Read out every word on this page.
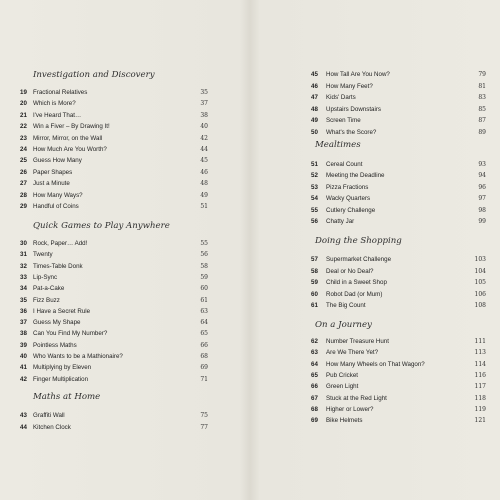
Investigation and Discovery
19 Fractional Relatives	35
20 Which is More?	37
21 I've Heard That…	38
22 Win a Fiver – By Drawing It!	40
23 Mirror, Mirror, on the Wall	42
24 How Much Are You Worth?	44
25 Guess How Many	45
26 Paper Shapes	46
27 Just a Minute	48
28 How Many Ways?	49
29 Handful of Coins	51
Quick Games to Play Anywhere
30 Rock, Paper… Add!	55
31 Twenty	56
32 Times-Table Donk	58
33 Lip-Sync	59
34 Pat-a-Cake	60
35 Fizz Buzz	61
36 I Have a Secret Rule	63
37 Guess My Shape	64
38 Can You Find My Number?	65
39 Pointless Maths	66
40 Who Wants to be a Mathionaire?	68
41 Multiplying by Eleven	69
42 Finger Multiplication	71
Maths at Home
43 Graffiti Wall	75
44 Kitchen Clock	77
45 How Tall Are You Now?	79
46 How Many Feet?	81
47 Kids' Darts	83
48 Upstairs Downstairs	85
49 Screen Time	87
50 What's the Score?	89
Mealtimes
51 Cereal Count	93
52 Meeting the Deadline	94
53 Pizza Fractions	96
54 Wacky Quarters	97
55 Cutlery Challenge	98
56 Chatty Jar	99
Doing the Shopping
57 Supermarket Challenge	103
58 Deal or No Deal?	104
59 Child in a Sweet Shop	105
60 Robot Dad (or Mum)	106
61 The Big Count	108
On a Journey
62 Number Treasure Hunt	111
63 Are We There Yet?	113
64 How Many Wheels on That Wagon?	114
65 Pub Cricket	116
66 Green Light	117
67 Stuck at the Red Light	118
68 Higher or Lower?	119
69 Bike Helmets	121
